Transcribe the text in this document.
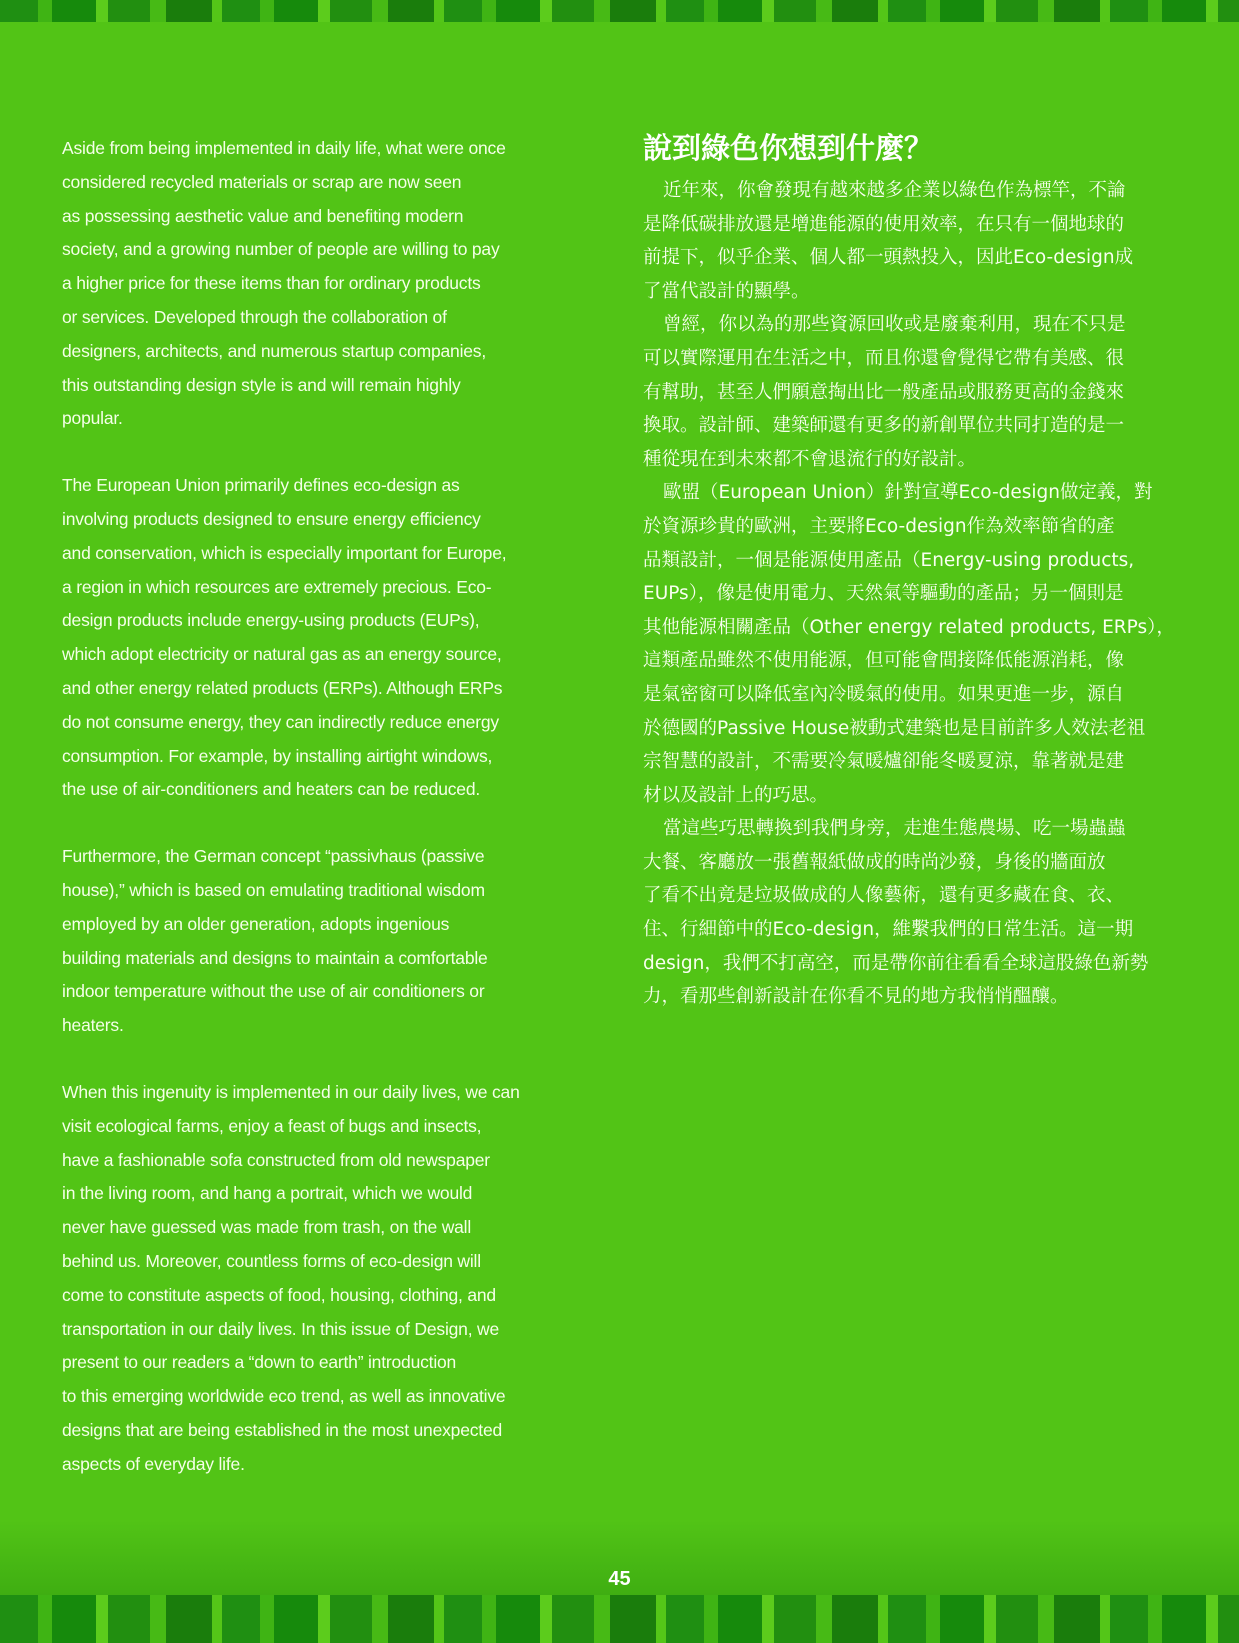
Aside from being implemented in daily life, what were once
considered recycled materials or scrap are now seen
as possessing aesthetic value and benefiting modern
society, and a growing number of people are willing to pay
a higher price for these items than for ordinary products
or services. Developed through the collaboration of
designers, architects, and numerous startup companies,
this outstanding design style is and will remain highly
popular.

The European Union primarily defines eco-design as
involving products designed to ensure energy efficiency
and conservation, which is especially important for Europe,
a region in which resources are extremely precious. Eco-
design products include energy-using products (EUPs),
which adopt electricity or natural gas as an energy source,
and other energy related products (ERPs). Although ERPs
do not consume energy, they can indirectly reduce energy
consumption. For example, by installing airtight windows,
the use of air-conditioners and heaters can be reduced.

Furthermore, the German concept “passivhaus (passive
house),” which is based on emulating traditional wisdom
employed by an older generation, adopts ingenious
building materials and designs to maintain a comfortable
indoor temperature without the use of air conditioners or
heaters.

When this ingenuity is implemented in our daily lives, we can
visit ecological farms, enjoy a feast of bugs and insects,
have a fashionable sofa constructed from old newspaper
in the living room, and hang a portrait, which we would
never have guessed was made from trash, on the wall
behind us. Moreover, countless forms of eco-design will
come to constitute aspects of food, housing, clothing, and
transportation in our daily lives. In this issue of Design, we
present to our readers a “down to earth” introduction
to this emerging worldwide eco trend, as well as innovative
designs that are being established in the most unexpected
aspects of everyday life.

說到綠色你想到什麼？

近年來，你會發現有越來越多企業以綠色作為標竿，不論
是降低碳排放還是增進能源的使用效率，在只有一個地球的
前提下，似乎企業、個人都一頭熱投入，因此Eco-design成
了當代設計的顯學。

曾經，你以為的那些資源回收或是廢棄利用，現在不只是
可以實際運用在生活之中，而且你還會覺得它帶有美感、很
有幫助，甚至人們願意掏出比一般產品或服務更高的金錢來
換取。設計師、建築師還有更多的新創單位共同打造的是一
種從現在到未來都不會退流行的好設計。

歐盟（European Union）針對宣導Eco-design做定義，對
於資源珍貴的歐洲，主要將Eco-design作為效率節省的產
品類設計，一個是能源使用產品（Energy-using products,
EUPs），像是使用電力、天然氣等驅動的產品；另一個則是
其他能源相關產品（Other energy related products, ERPs），
這類產品雖然不使用能源，但可能會間接降低能源消耗，像
是氣密窗可以降低室內冷暖氣的使用。如果更進一步，源自
於德國的Passive House被動式建築也是目前許多人效法老祖
宗智慧的設計，不需要冷氣暖爐卻能冬暖夏涼，靠著就是建
材以及設計上的巧思。

當這些巧思轉換到我們身旁，走進生態農場、吃一場蟲蟲
大餐、客廳放一張舊報紙做成的時尚沙發，身後的牆面放
了看不出竟是垃圾做成的人像藝術，還有更多藏在食、衣、
住、行細節中的Eco-design，維繫我們的日常生活。這一期
design，我們不打高空，而是帶你前往看看全球這股綠色新勢
力，看那些創新設計在你看不見的地方我悄悄醞釀。

45
